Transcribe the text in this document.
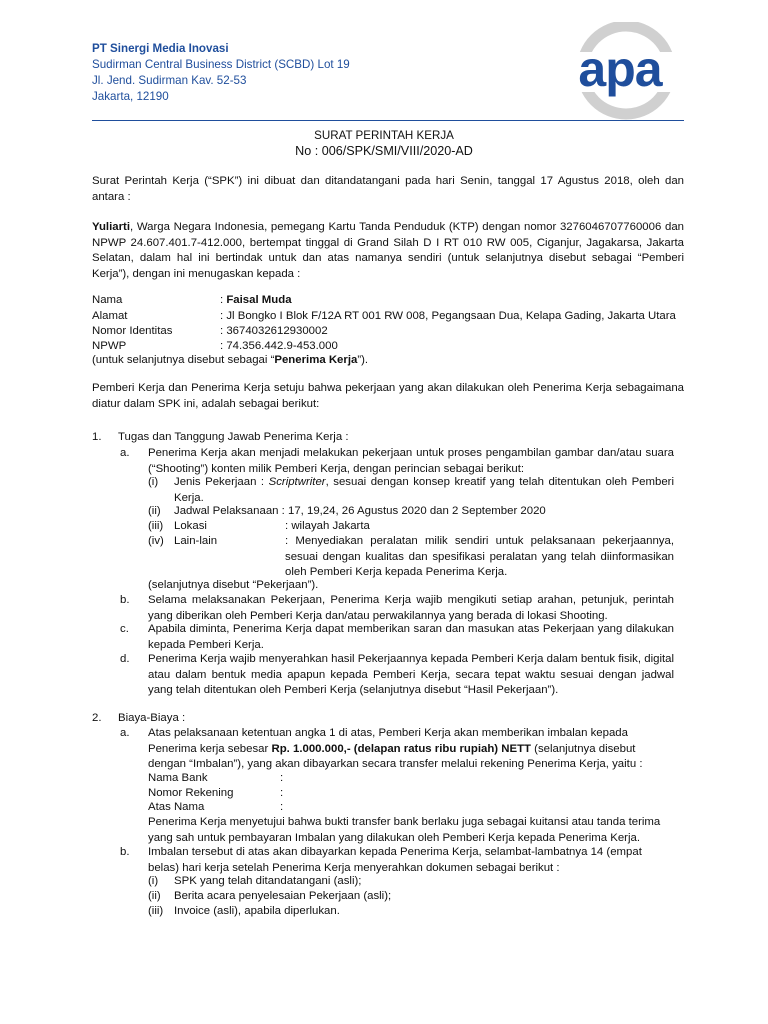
PT Sinergi Media Inovasi
Sudirman Central Business District (SCBD) Lot 19
Jl. Jend. Sudirman Kav. 52-53
Jakarta, 12190	apa
SURAT PERINTAH KERJA
No : 006/SPK/SMI/VIII/2020-AD

Surat Perintah Kerja (“SPK”) ini dibuat dan ditandatangani pada hari Senin, tanggal 17 Agustus 2018, oleh dan antara :

Yuliarti, Warga Negara Indonesia, pemegang Kartu Tanda Penduduk (KTP) dengan nomor 3276046707760006 dan NPWP 24.607.401.7-412.000, bertempat tinggal di Grand Silah D I RT 010 RW 005, Ciganjur, Jagakarsa, Jakarta Selatan, dalam hal ini bertindak untuk dan atas namanya sendiri (untuk selanjutnya disebut sebagai “Pemberi Kerja”), dengan ini menugaskan kepada :

Nama	: Faisal Muda
Alamat	: Jl Bongko I Blok F/12A RT 001 RW 008, Pegangsaan Dua, Kelapa Gading, Jakarta Utara
Nomor Identitas	: 3674032612930002
NPWP	: 74.356.442.9-453.000
(untuk selanjutnya disebut sebagai “Penerima Kerja”).

Pemberi Kerja dan Penerima Kerja setuju bahwa pekerjaan yang akan dilakukan oleh Penerima Kerja sebagaimana diatur dalam SPK ini, adalah sebagai berikut:

1. Tugas dan Tanggung Jawab Penerima Kerja :
a. Penerima Kerja akan menjadi melakukan pekerjaan untuk proses pengambilan gambar dan/atau suara (“Shooting”) konten milik Pemberi Kerja, dengan perincian sebagai berikut:

(i) Jenis Pekerjaan : Scriptwriter, sesuai dengan konsep kreatif yang telah ditentukan oleh Pemberi Kerja.

(ii) Jadwal Pelaksanaan : 17, 19,24, 26 Agustus 2020 dan 2 September 2020
(iii) Lokasi	: wilayah Jakarta
(iv) Lain-lain	: Menyediakan peralatan milik sendiri untuk pelaksanaan pekerjaannya, sesuai dengan kualitas dan spesifikasi peralatan yang telah diinformasikan oleh Pemberi Kerja kepada Penerima Kerja.

(selanjutnya disebut “Pekerjaan”).
b. Selama melaksanakan Pekerjaan, Penerima Kerja wajib mengikuti setiap arahan, petunjuk, perintah yang diberikan oleh Pemberi Kerja dan/atau perwakilannya yang berada di lokasi Shooting.

c. Apabila diminta, Penerima Kerja dapat memberikan saran dan masukan atas Pekerjaan yang dilakukan kepada Pemberi Kerja.

d. Penerima Kerja wajib menyerahkan hasil Pekerjaannya kepada Pemberi Kerja dalam bentuk fisik, digital atau dalam bentuk media apapun kepada Pemberi Kerja, secara tepat waktu sesuai dengan jadwal yang telah ditentukan oleh Pemberi Kerja (selanjutnya disebut “Hasil Pekerjaan”).

2. Biaya-Biaya :
a. Atas pelaksanaan ketentuan angka 1 di atas, Pemberi Kerja akan memberikan imbalan kepada Penerima kerja sebesar Rp. 1.000.000,- (delapan ratus ribu rupiah) NETT (selanjutnya disebut dengan “Imbalan”), yang akan dibayarkan secara transfer melalui rekening Penerima Kerja, yaitu :

Nama Bank	:
Nomor Rekening	:
Atas Nama	:

Penerima Kerja menyetujui bahwa bukti transfer bank berlaku juga sebagai kuitansi atau tanda terima yang sah untuk pembayaran Imbalan yang dilakukan oleh Pemberi Kerja kepada Penerima Kerja.

b. Imbalan tersebut di atas akan dibayarkan kepada Penerima Kerja, selambat-lambatnya 14 (empat belas) hari kerja setelah Penerima Kerja menyerahkan dokumen sebagai berikut :

(i) SPK yang telah ditandatangani (asli);
(ii) Berita acara penyelesaian Pekerjaan (asli);
(iii) Invoice (asli), apabila diperlukan.
